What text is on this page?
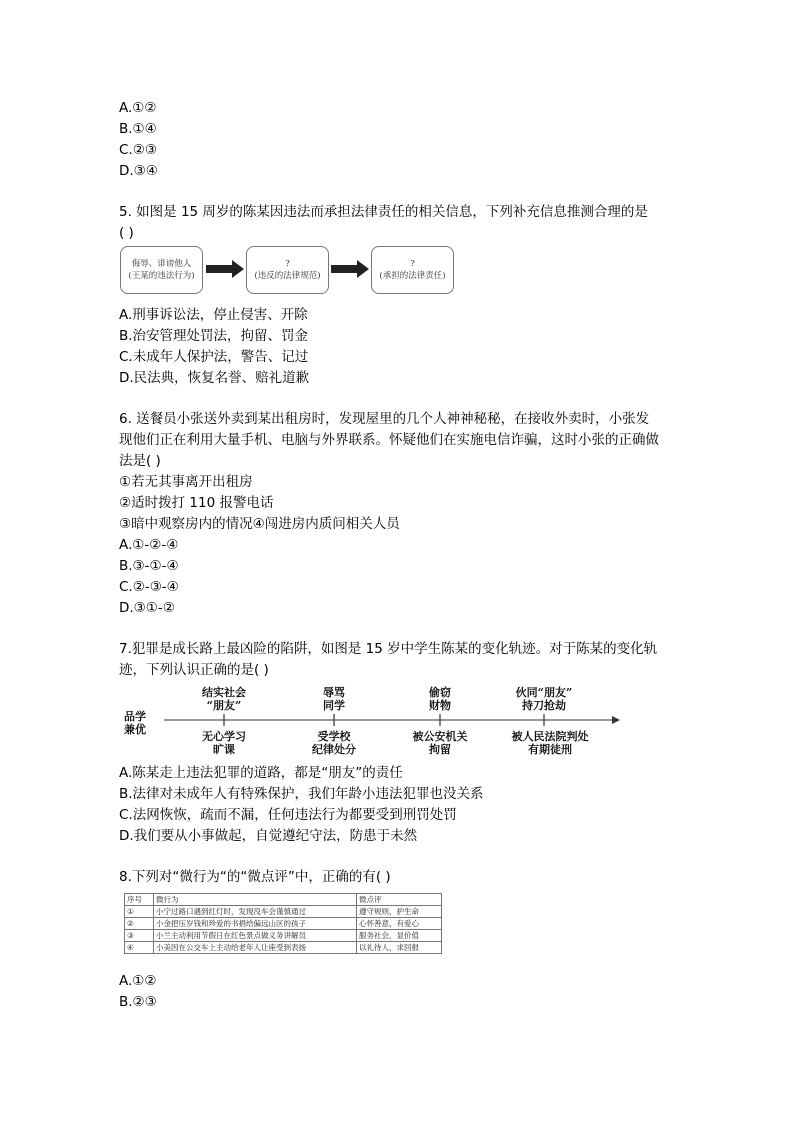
A.①②
B.①④
C.②③
D.③④
5. 如图是 15 周岁的陈某因违法而承担法律责任的相关信息，下列补充信息推测合理的是
( )
侮辱、诽谤他人
(王某的违法行为)
?
(违反的法律规范)
?
(承担的法律责任)
A.刑事诉讼法，停止侵害、开除
B.治安管理处罚法，拘留、罚金
C.未成年人保护法，警告、记过
D.民法典，恢复名誉、赔礼道歉
6. 送餐员小张送外卖到某出租房时，发现屋里的几个人神神秘秘，在接收外卖时，小张发
现他们正在利用大量手机、电脑与外界联系。怀疑他们在实施电信诈骗，这时小张的正确做
法是( )
①若无其事离开出租房
②适时拨打 110 报警电话
③暗中观察房内的情况④闯进房内质问相关人员
A.①-②-④
B.③-①-④
C.②-③-④
D.③①-②
7.犯罪是成长路上最凶险的陷阱，如图是 15 岁中学生陈某的变化轨迹。对于陈某的变化轨
迹，下列认识正确的是( )
品学
兼优
结实社会
“朋友”
辱骂
同学
偷窃
财物
伙同“朋友”
持刀抢劫
无心学习
旷课
受学校
纪律处分
被公安机关
拘留
被人民法院判处
有期徒刑
A.陈某走上违法犯罪的道路，都是“朋友”的责任
B.法律对未成年人有特殊保护，我们年龄小违法犯罪也没关系
C.法网恢恢，疏而不漏，任何违法行为都要受到刑罚处罚
D.我们要从小事做起，自觉遵纪守法，防患于未然
8.下列对“微行为“的“微点评”中，正确的有( )
序号	微行为	微点评
①	小宁过路口遇到红灯时，发现没车会谨慎通过	遵守规则，护生命
②	小金把压岁钱和珍爱的书捐给偏远山区的孩子	心怀善意，有爱心
③	小兰主动利用节假日在红色景点做义务讲解员	服务社会，显价值
④	小美因在公交车上主动给老年人让座受到表扬	以礼待人，求回报
A.①②
B.②③
